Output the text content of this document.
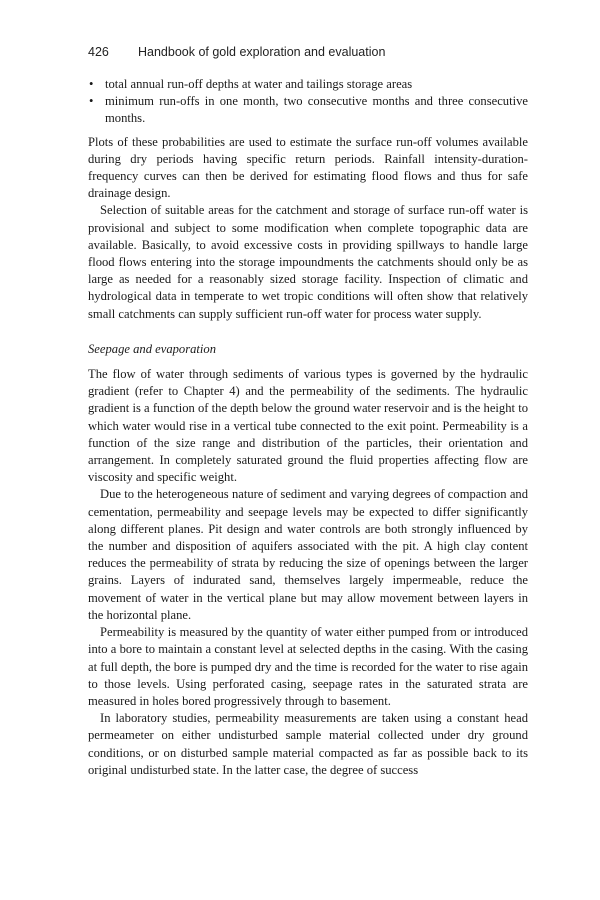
426 Handbook of gold exploration and evaluation
• total annual run-off depths at water and tailings storage areas
• minimum run-offs in one month, two consecutive months and three consecutive months.

Plots of these probabilities are used to estimate the surface run-off volumes available during dry periods having specific return periods. Rainfall intensity-duration-frequency curves can then be derived for estimating flood flows and thus for safe drainage design.

Selection of suitable areas for the catchment and storage of surface run-off water is provisional and subject to some modification when complete topographic data are available. Basically, to avoid excessive costs in providing spillways to handle large flood flows entering into the storage impoundments the catchments should only be as large as needed for a reasonably sized storage facility. Inspection of climatic and hydrological data in temperate to wet tropic conditions will often show that relatively small catchments can supply sufficient run-off water for process water supply.

Seepage and evaporation

The flow of water through sediments of various types is governed by the hydraulic gradient (refer to Chapter 4) and the permeability of the sediments. The hydraulic gradient is a function of the depth below the ground water reservoir and is the height to which water would rise in a vertical tube connected to the exit point. Permeability is a function of the size range and distribution of the particles, their orientation and arrangement. In completely saturated ground the fluid properties affecting flow are viscosity and specific weight.

Due to the heterogeneous nature of sediment and varying degrees of compaction and cementation, permeability and seepage levels may be expected to differ significantly along different planes. Pit design and water controls are both strongly influenced by the number and disposition of aquifers associated with the pit. A high clay content reduces the permeability of strata by reducing the size of openings between the larger grains. Layers of indurated sand, themselves largely impermeable, reduce the movement of water in the vertical plane but may allow movement between layers in the horizontal plane.

Permeability is measured by the quantity of water either pumped from or introduced into a bore to maintain a constant level at selected depths in the casing. With the casing at full depth, the bore is pumped dry and the time is recorded for the water to rise again to those levels. Using perforated casing, seepage rates in the saturated strata are measured in holes bored progressively through to basement.

In laboratory studies, permeability measurements are taken using a constant head permeameter on either undisturbed sample material collected under dry ground conditions, or on disturbed sample material compacted as far as possible back to its original undisturbed state. In the latter case, the degree of success
